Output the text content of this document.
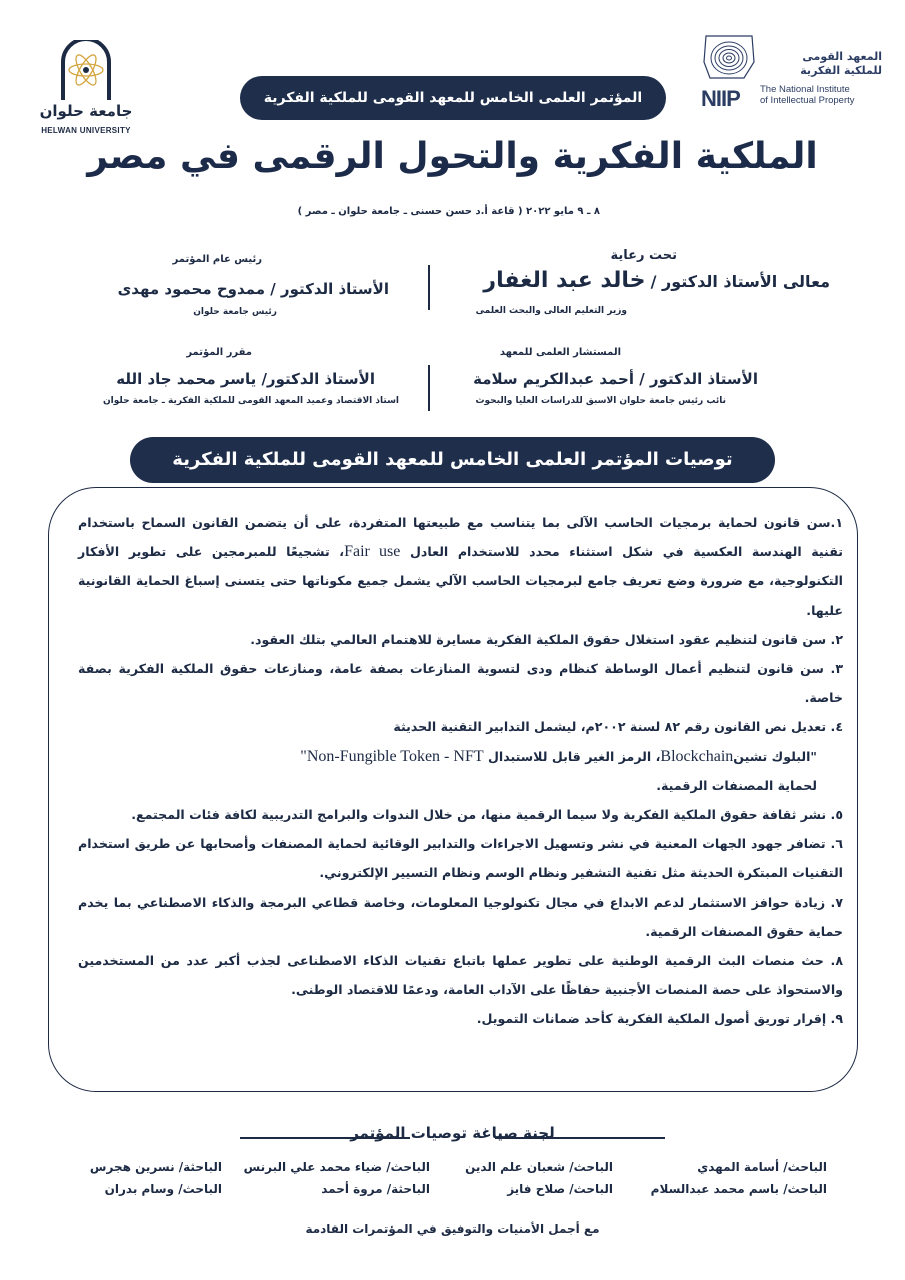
NIIP
المعهد القومى
للملكية الفكرية
The National Institute
of Intellectual Property
جامعة حلوان
HELWAN UNIVERSITY
المؤتمر العلمى الخامس للمعهد القومى للملكية الفكرية
الملكية الفكرية والتحول الرقمى في مصر
٨ ـ ٩ مايو ٢٠٢٢ ( قاعة أ.د حسن حسنى ـ جامعة حلوان ـ مصر )
تحت رعاية
معالى الأستاذ الدكتور / خالد عبد الغفار
وزير التعليم العالى والبحث العلمى
رئيس عام المؤتمر
الأستاذ الدكتور / ممدوح محمود مهدى
رئيس جامعة حلوان
المستشار العلمى للمعهد
الأستاذ الدكتور / أحمد عبدالكريم سلامة
نائب رئيس جامعة حلوان الاسبق للدراسات العليا والبحوث
مقرر المؤتمر
الأستاذ الدكتور/ ياسر محمد جاد الله
استاذ الاقتصاد وعميد المعهد القومى للملكية الفكرية ـ جامعة حلوان
توصيات المؤتمر العلمى الخامس للمعهد القومى للملكية الفكرية

١.سن قانون لحماية برمجيات الحاسب الآلى بما يتناسب مع طبيعتها المتفردة، على أن يتضمن القانون السماح باستخدام تقنية الهندسة العكسية في شكل استثناء محدد للاستخدام العادل Fair use، تشجيعًا للمبرمجين على تطوير الأفكار التكنولوجية، مع ضرورة وضع تعريف جامع لبرمجيات الحاسب الآلي يشمل جميع مكوناتها حتى يتسنى إسباغ الحماية القانونية عليها.

٢. سن قانون لتنظيم عقود استغلال حقوق الملكية الفكرية مسايرة للاهتمام العالمي بتلك العقود.

٣. سن قانون لتنظيم أعمال الوساطة كنظام ودى لتسوية المنازعات بصفة عامة، ومنازعات حقوق الملكية الفكرية بصفة خاصة.

٤. تعديل نص القانون رقم ٨٢ لسنة ٢٠٠٢م، ليشمل التدابير التقنية الحديثة
"البلوك تشينBlockchain، الرمز الغير قابل للاستبدال Non-Fungible Token - NFT"
لحماية المصنفات الرقمية.

٥. نشر ثقافة حقوق الملكية الفكرية ولا سيما الرقمية منها، من خلال الندوات والبرامج التدريبية لكافة فئات المجتمع.

٦. تضافر جهود الجهات المعنية في نشر وتسهيل الاجراءات والتدابير الوقائية لحماية المصنفات وأصحابها عن طريق استخدام التقنيات المبتكرة الحديثة مثل تقنية التشفير ونظام الوسم ونظام التسيير الإلكتروني.

٧. زيادة حوافز الاستثمار لدعم الابداع في مجال تكنولوجيا المعلومات، وخاصة قطاعي البرمجة والذكاء الاصطناعي بما يخدم حماية حقوق المصنفات الرقمية.

٨. حث منصات البث الرقمية الوطنية على تطوير عملها باتباع تقنيات الذكاء الاصطناعى لجذب أكبر عدد من المستخدمين والاستحواذ على حصة المنصات الأجنبية حفاظًا على الآداب العامة، ودعمًا للاقتصاد الوطنى.

٩. إقرار توريق أصول الملكية الفكرية كأحد ضمانات التمويل.

لجنة صياغة توصيات المؤتمر
الباحث/ أسامة المهدي
الباحث/ شعبان علم الدين
الباحث/ ضياء محمد علي البرنس
الباحثة/ نسرين هجرس
الباحث/ باسم محمد عبدالسلام
الباحث/ صلاح فايز
الباحثة/ مروة أحمد
الباحث/ وسام بدران
مع أجمل الأمنيات والتوفيق في المؤتمرات القادمة
